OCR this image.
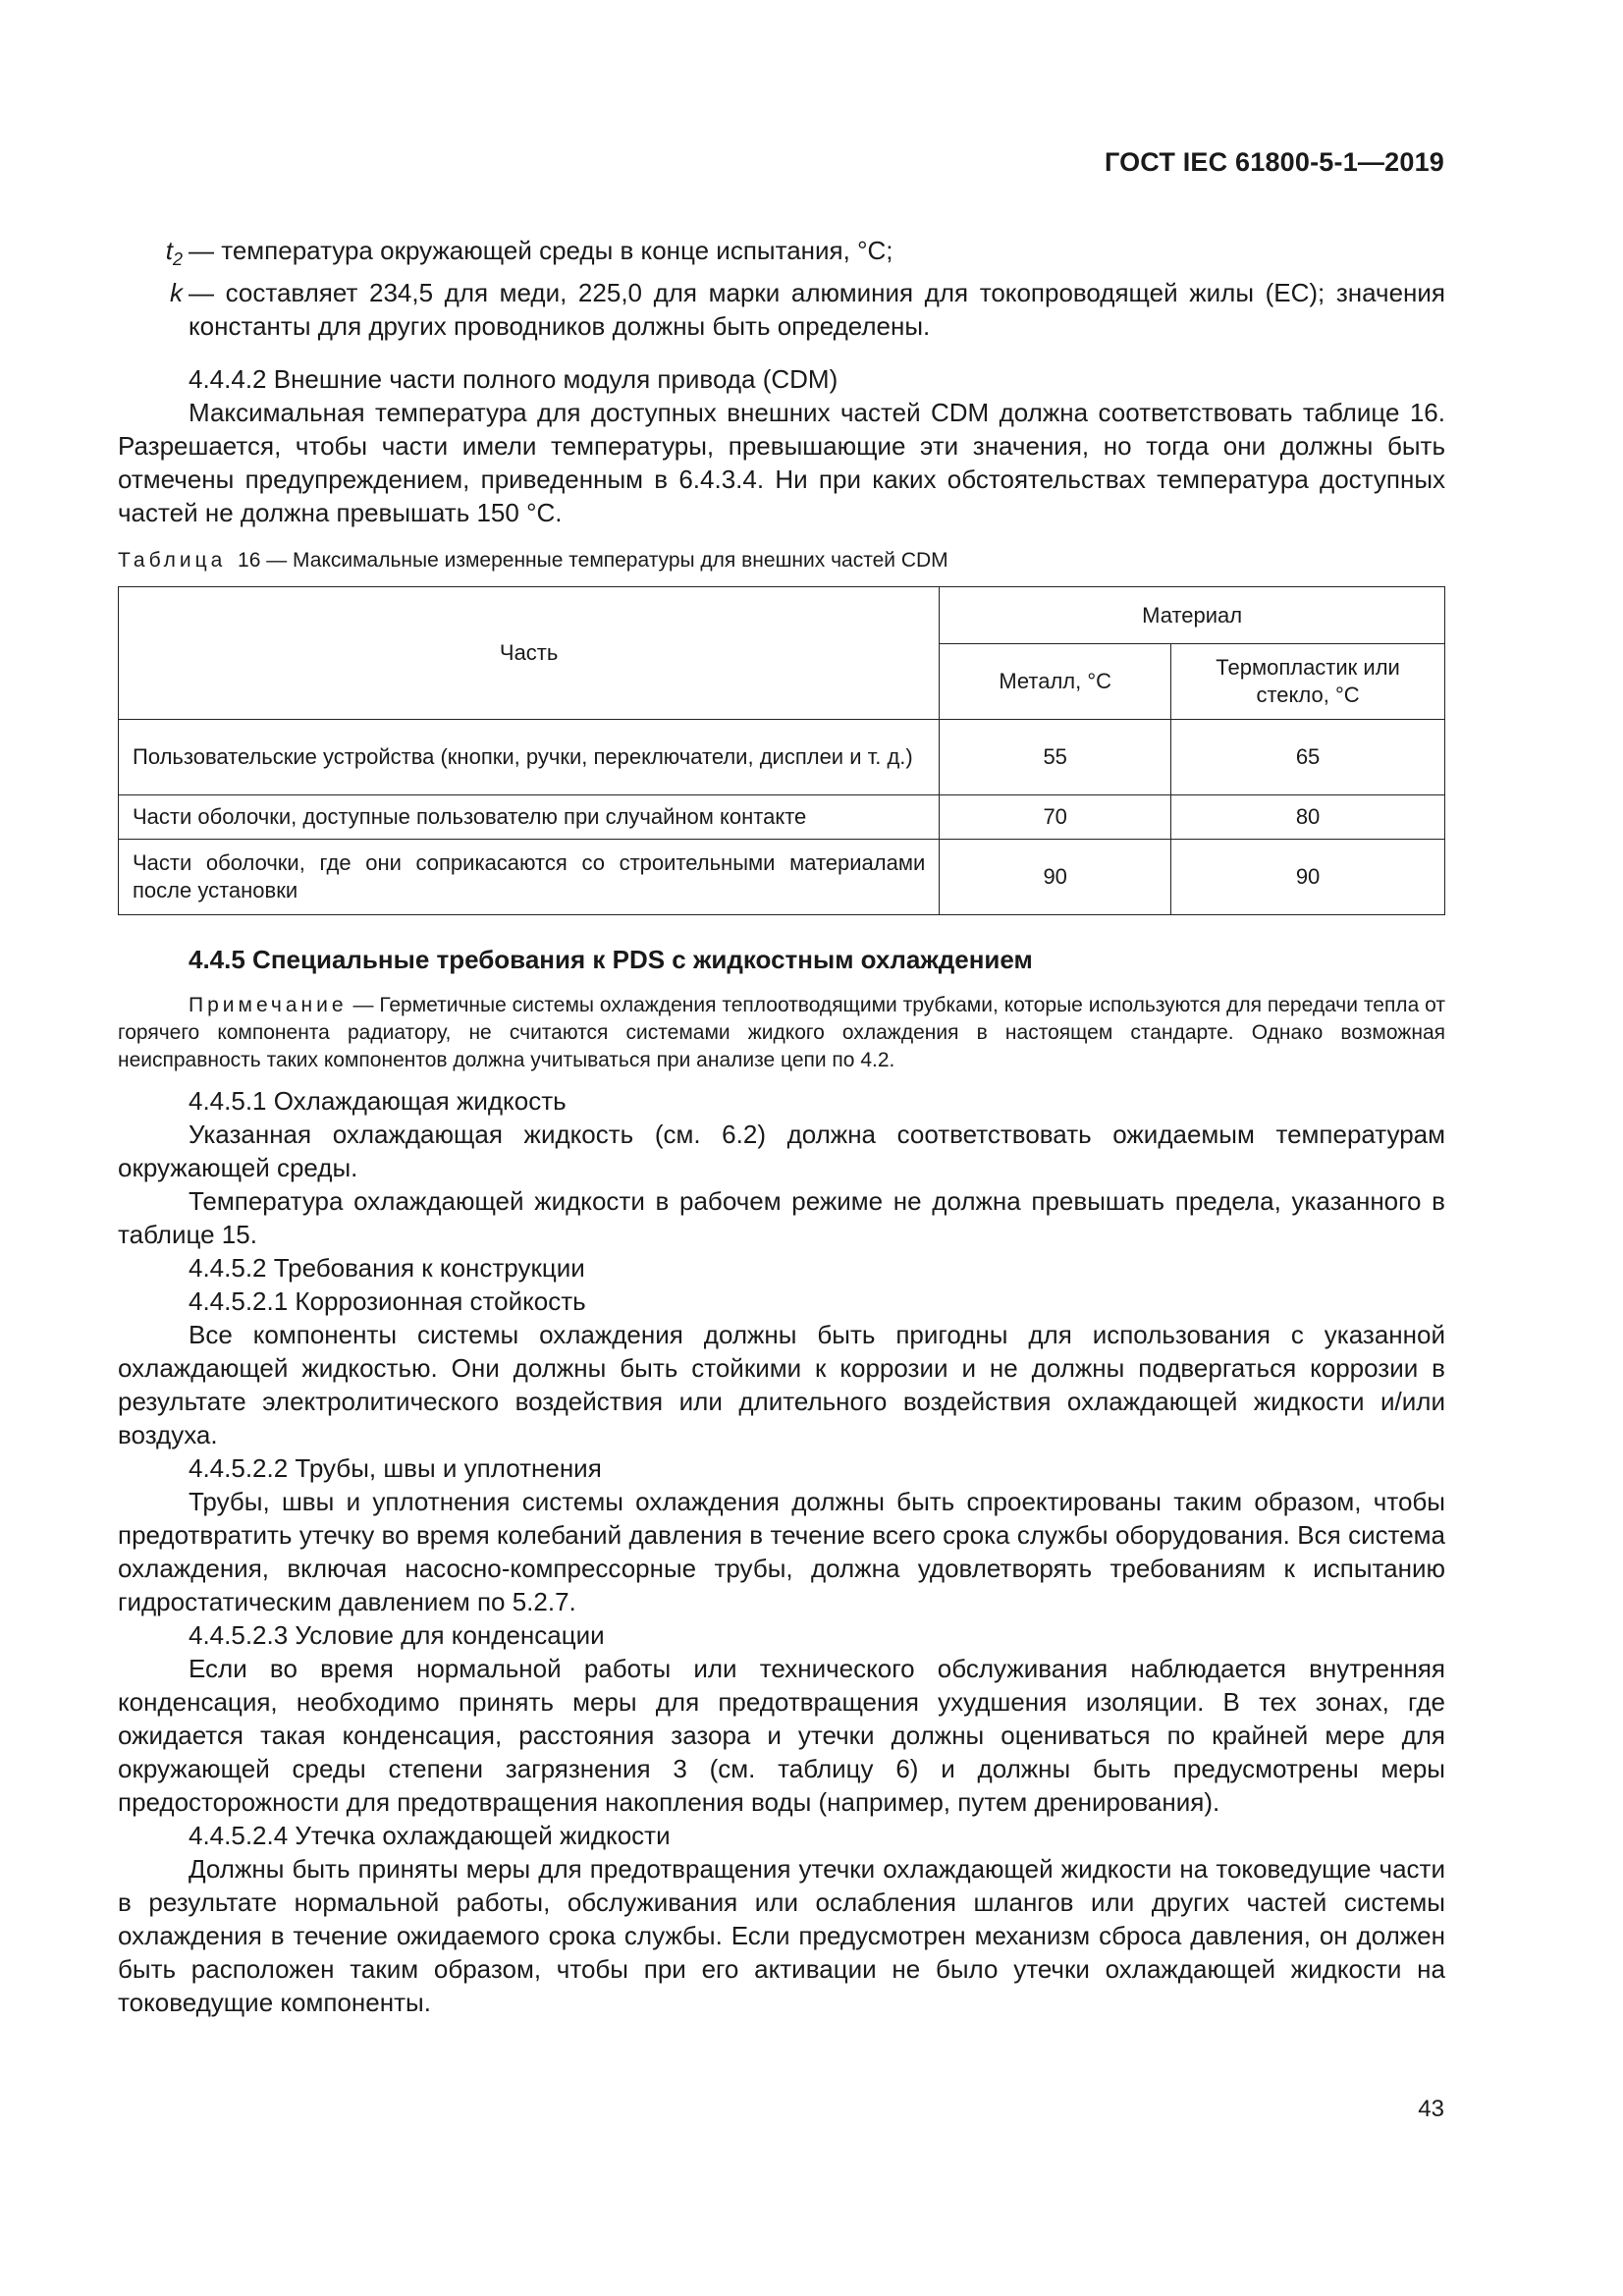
ГОСТ IEC 61800-5-1—2019
$t_2$ — температура окружающей среды в конце испытания, °С;
k — составляет 234,5 для меди, 225,0 для марки алюминия для токопроводящей жилы (ЕС); значения константы для других проводников должны быть определены.

4.4.4.2 Внешние части полного модуля привода (CDM)

Максимальная температура для доступных внешних частей CDM должна соответствовать таблице 16. Разрешается, чтобы части имели температуры, превышающие эти значения, но тогда они должны быть отмечены предупреждением, приведенным в 6.4.3.4. Ни при каких обстоятельствах температура доступных частей не должна превышать 150 °С.

Таблица 16 — Максимальные измеренные температуры для внешних частей CDM
Часть	Материал	
	Металл, °С	Термопластик или стекло, °С
Пользовательские устройства (кнопки, ручки, переключатели, дисплеи и т. д.)	55	65
Части оболочки, доступные пользователю при случайном контакте	70	80
Части оболочки, где они соприкасаются со строительными материалами после установки	90	90

4.4.5 Специальные требования к PDS с жидкостным охлаждением

Примечание — Герметичные системы охлаждения теплоотводящими трубками, которые используются для передачи тепла от горячего компонента радиатору, не считаются системами жидкого охлаждения в настоящем стандарте. Однако возможная неисправность таких компонентов должна учитываться при анализе цепи по 4.2.

4.4.5.1 Охлаждающая жидкость

Указанная охлаждающая жидкость (см. 6.2) должна соответствовать ожидаемым температурам окружающей среды.

Температура охлаждающей жидкости в рабочем режиме не должна превышать предела, указанного в таблице 15.

4.4.5.2 Требования к конструкции

4.4.5.2.1 Коррозионная стойкость

Все компоненты системы охлаждения должны быть пригодны для использования с указанной охлаждающей жидкостью. Они должны быть стойкими к коррозии и не должны подвергаться коррозии в результате электролитического воздействия или длительного воздействия охлаждающей жидкости и/или воздуха.

4.4.5.2.2 Трубы, швы и уплотнения

Трубы, швы и уплотнения системы охлаждения должны быть спроектированы таким образом, чтобы предотвратить утечку во время колебаний давления в течение всего срока службы оборудования. Вся система охлаждения, включая насосно-компрессорные трубы, должна удовлетворять требованиям к испытанию гидростатическим давлением по 5.2.7.

4.4.5.2.3 Условие для конденсации

Если во время нормальной работы или технического обслуживания наблюдается внутренняя конденсация, необходимо принять меры для предотвращения ухудшения изоляции. В тех зонах, где ожидается такая конденсация, расстояния зазора и утечки должны оцениваться по крайней мере для окружающей среды степени загрязнения 3 (см. таблицу 6) и должны быть предусмотрены меры предосторожности для предотвращения накопления воды (например, путем дренирования).

4.4.5.2.4 Утечка охлаждающей жидкости

Должны быть приняты меры для предотвращения утечки охлаждающей жидкости на токоведущие части в результате нормальной работы, обслуживания или ослабления шлангов или других частей системы охлаждения в течение ожидаемого срока службы. Если предусмотрен механизм сброса давления, он должен быть расположен таким образом, чтобы при его активации не было утечки охлаждающей жидкости на токоведущие компоненты.

43
